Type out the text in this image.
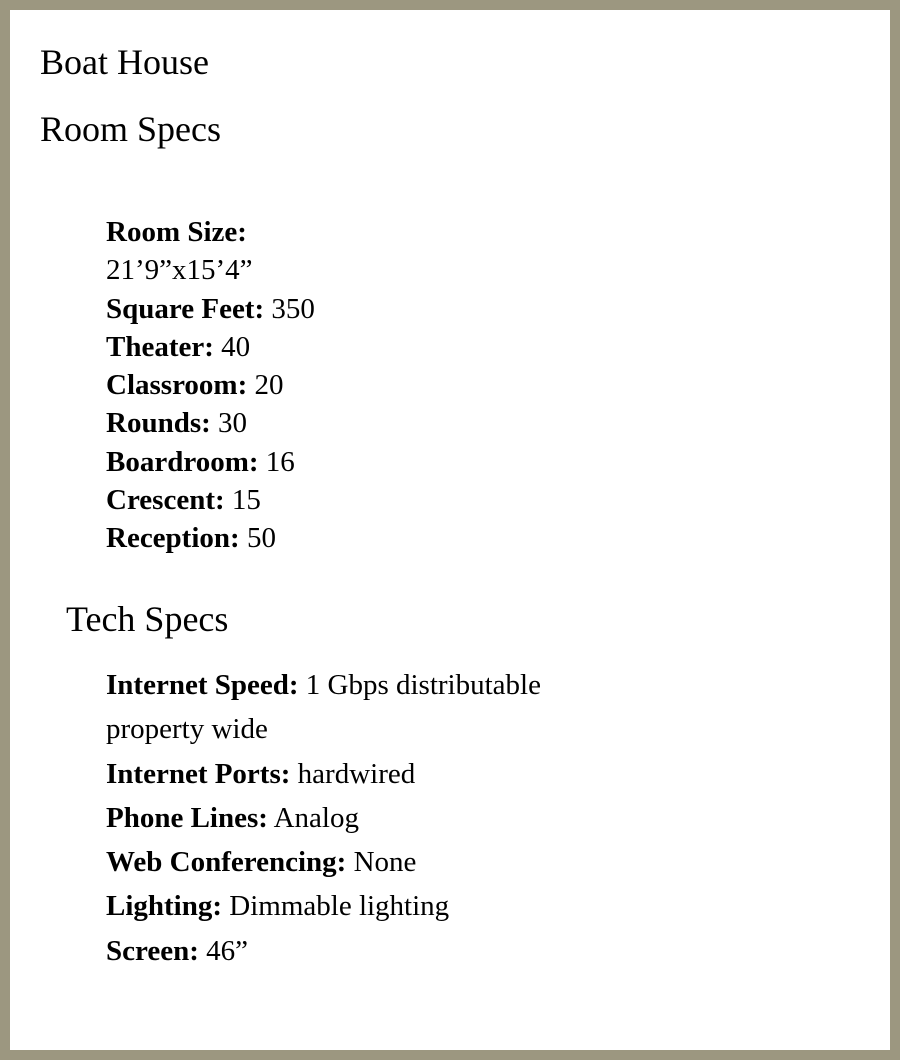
Boat House
Room Specs
Room Size:
21’9”x15’4”
Square Feet: 350
Theater: 40
Classroom: 20
Rounds: 30
Boardroom: 16
Crescent: 15
Reception: 50
Tech Specs
Internet Speed: 1 Gbps distributable
property wide
Internet Ports: hardwired
Phone Lines: Analog
Web Conferencing: None
Lighting: Dimmable lighting
Screen: 46”
